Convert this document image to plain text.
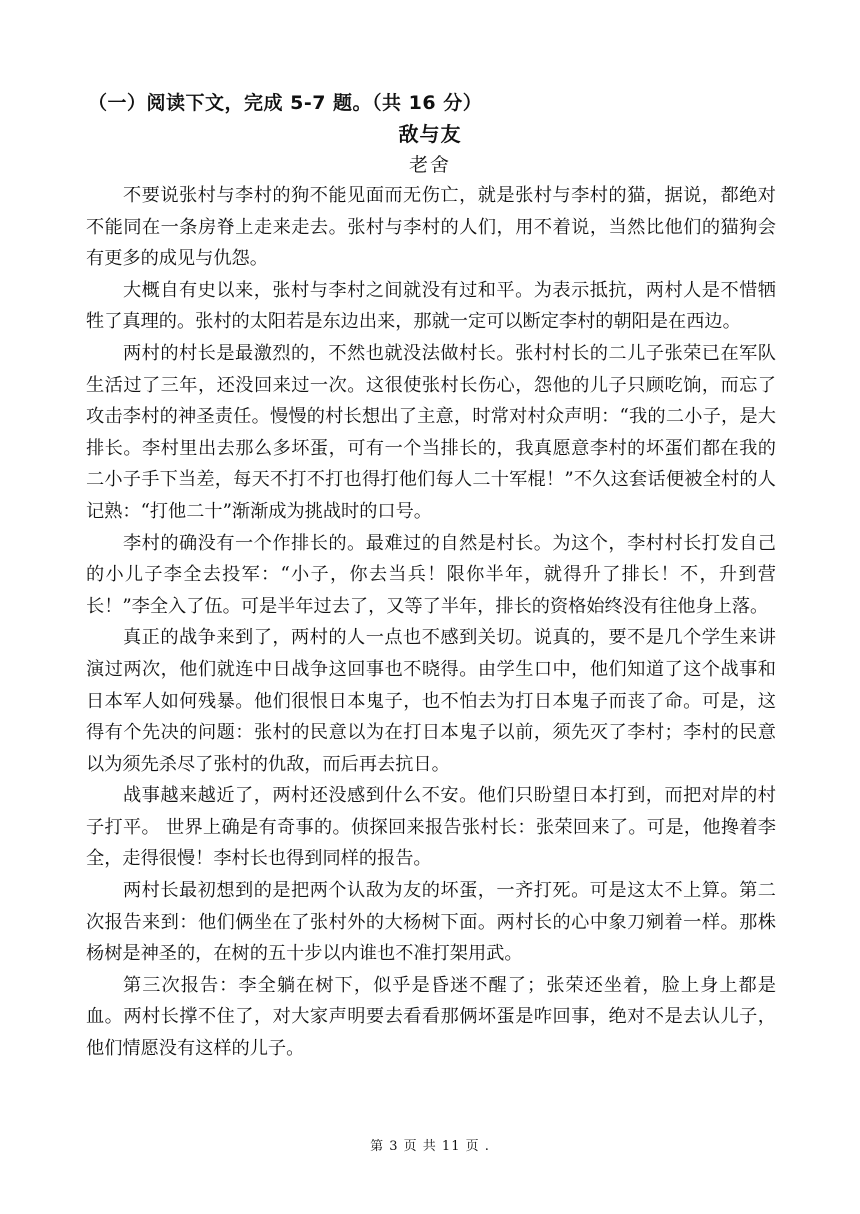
（一）阅读下文，完成 5-7 题。（共 16 分）
敌与友
老舍

不要说张村与李村的狗不能见面而无伤亡，就是张村与李村的猫，据说，都绝对不能同在一条房脊上走来走去。张村与李村的人们，用不着说，当然比他们的猫狗会有更多的成见与仇怨。

大概自有史以来，张村与李村之间就没有过和平。为表示抵抗，两村人是不惜牺牲了真理的。张村的太阳若是东边出来，那就一定可以断定李村的朝阳是在西边。

两村的村长是最激烈的，不然也就没法做村长。张村村长的二儿子张荣已在军队生活过了三年，还没回来过一次。这很使张村长伤心，怨他的儿子只顾吃饷，而忘了攻击李村的神圣责任。慢慢的村长想出了主意，时常对村众声明：“我的二小子，是大排长。李村里出去那么多坏蛋，可有一个当排长的，我真愿意李村的坏蛋们都在我的二小子手下当差，每天不打不打也得打他们每人二十军棍！”不久这套话便被全村的人记熟：“打他二十”渐渐成为挑战时的口号。

李村的确没有一个作排长的。最难过的自然是村长。为这个，李村村长打发自己的小儿子李全去投军：“小子，你去当兵！限你半年，就得升了排长！不，升到营长！”李全入了伍。可是半年过去了，又等了半年，排长的资格始终没有往他身上落。

真正的战争来到了，两村的人一点也不感到关切。说真的，要不是几个学生来讲演过两次，他们就连中日战争这回事也不晓得。由学生口中，他们知道了这个战事和日本军人如何残暴。他们很恨日本鬼子，也不怕去为打日本鬼子而丧了命。可是，这得有个先决的问题：张村的民意以为在打日本鬼子以前，须先灭了李村；李村的民意以为须先杀尽了张村的仇敌，而后再去抗日。

战事越来越近了，两村还没感到什么不安。他们只盼望日本打到，而把对岸的村子打平。 世界上确是有奇事的。侦探回来报告张村长：张荣回来了。可是，他搀着李全，走得很慢！李村长也得到同样的报告。

两村长最初想到的是把两个认敌为友的坏蛋，一齐打死。可是这太不上算。第二次报告来到：他们俩坐在了张村外的大杨树下面。两村长的心中象刀剜着一样。那株杨树是神圣的，在树的五十步以内谁也不准打架用武。

第三次报告：李全躺在树下，似乎是昏迷不醒了；张荣还坐着，脸上身上都是血。两村长撑不住了，对大家声明要去看看那俩坏蛋是咋回事，绝对不是去认儿子，他们情愿没有这样的儿子。

第 3 页 共 11 页 .
